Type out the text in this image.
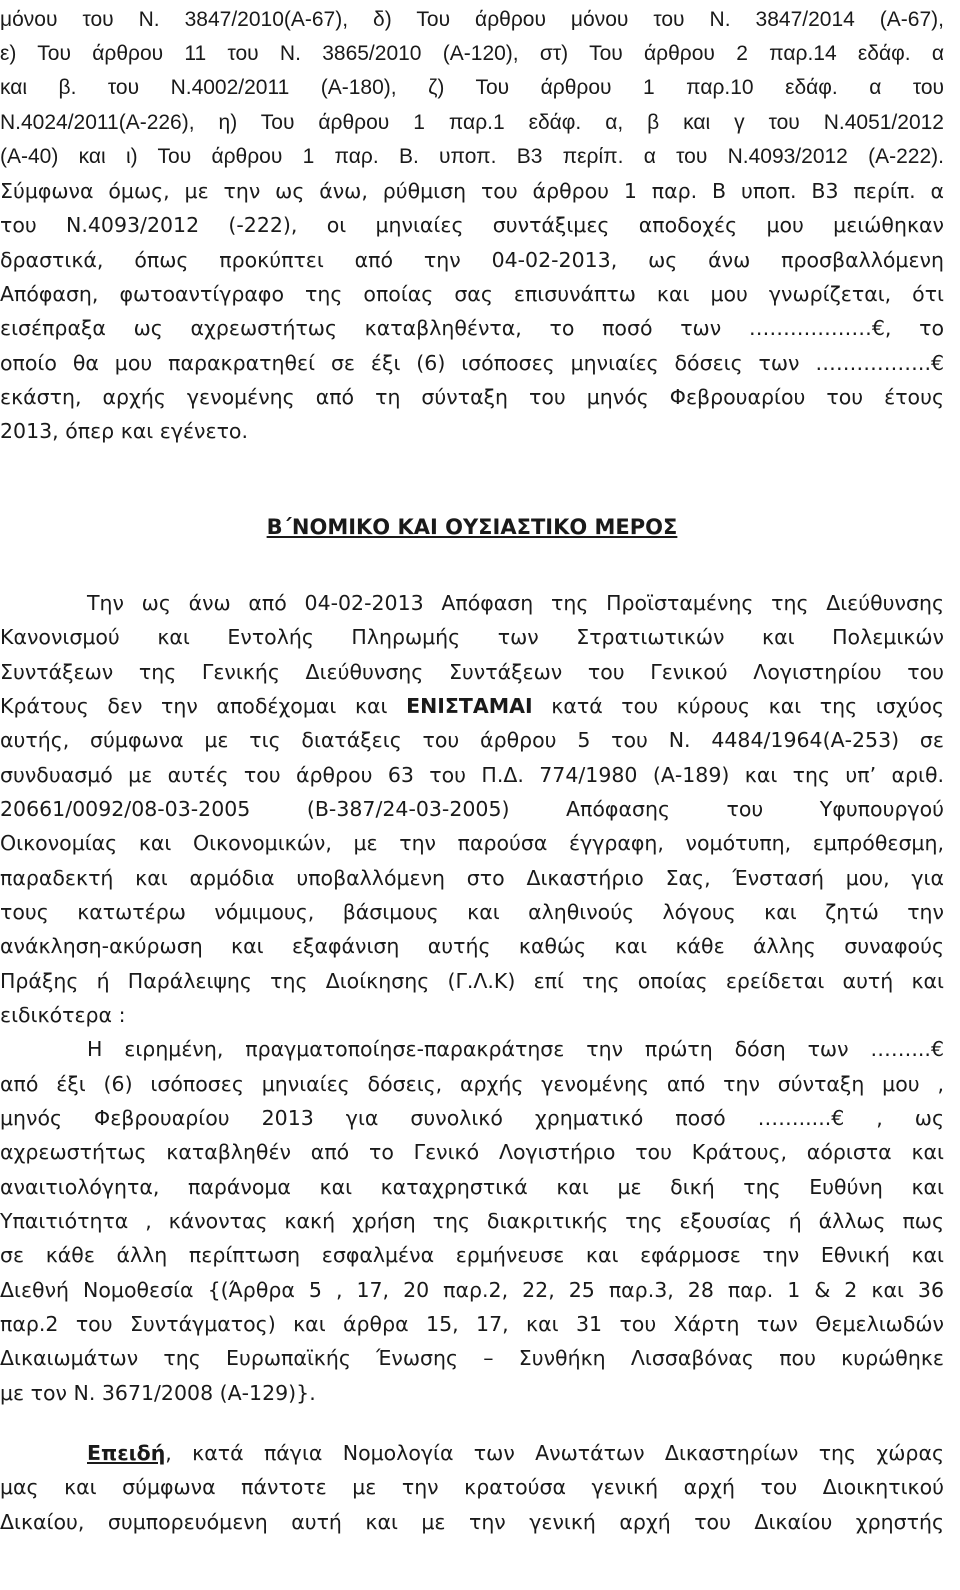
μόνου του Ν. 3847/2010(Α-67), δ) Του άρθρου μόνου του Ν. 3847/2014 (Α-67),
ε) Του άρθρου 11 του Ν. 3865/2010 (Α-120), στ) Του άρθρου 2 παρ.14 εδάφ. α
και β. του Ν.4002/2011 (Α-180), ζ) Του άρθρου 1 παρ.10 εδάφ. α του
Ν.4024/2011(Α-226), η) Του άρθρου 1 παρ.1 εδάφ. α, β και γ του Ν.4051/2012
(Α-40) και ι) Του άρθρου 1 παρ. Β. υποπ. Β3 περίπ. α του Ν.4093/2012 (Α-222).
Σύμφωνα όμως, με την ως άνω, ρύθμιση του άρθρου 1 παρ. Β υποπ. Β3 περίπ. α
του Ν.4093/2012 (-222), οι μηνιαίες συντάξιμες αποδοχές μου μειώθηκαν
δραστικά, όπως προκύπτει από την 04-02-2013, ως άνω προσβαλλόμενη
Απόφαση, φωτοαντίγραφο της οποίας σας επισυνάπτω και μου γνωρίζεται, ότι
εισέπραξα ως αχρεωστήτως καταβληθέντα, το ποσό των ………………€, το
οποίο θα μου παρακρατηθεί σε έξι (6) ισόποσες μηνιαίες δόσεις των ……………..€
εκάστη, αρχής γενομένης από τη σύνταξη του μηνός Φεβρουαρίου του έτους
2013, όπερ και εγένετο.
Β΄ΝΟΜΙΚΟ ΚΑΙ ΟΥΣΙΑΣΤΙΚΟ ΜΕΡΟΣ
Την ως άνω από 04-02-2013 Απόφαση της Προϊσταμένης της Διεύθυνσης
Κανονισμού και Εντολής Πληρωμής των Στρατιωτικών και Πολεμικών
Συντάξεων της Γενικής Διεύθυνσης Συντάξεων του Γενικού Λογιστηρίου του
Κράτους δεν την αποδέχομαι και ΕΝΙΣΤΑΜΑΙ κατά του κύρους και της ισχύος
αυτής, σύμφωνα με τις διατάξεις του άρθρου 5 του Ν. 4484/1964(Α-253) σε
συνδυασμό με αυτές του άρθρου 63 του Π.Δ. 774/1980 (Α-189) και της υπ’ αριθ.
20661/0092/08-03-2005 (Β-387/24-03-2005) Απόφασης του Υφυπουργού
Οικονομίας και Οικονομικών, με την παρούσα έγγραφη, νομότυπη, εμπρόθεσμη,
παραδεκτή και αρμόδια υποβαλλόμενη στο Δικαστήριο Σας, Ένστασή μου, για
τους κατωτέρω νόμιμους, βάσιμους και αληθινούς λόγους και ζητώ την
ανάκληση-ακύρωση και εξαφάνιση αυτής καθώς και κάθε άλλης συναφούς
Πράξης ή Παράλειψης της Διοίκησης (Γ.Λ.Κ) επί της οποίας ερείδεται αυτή και
ειδικότερα :
Η ειρημένη, πραγματοποίησε-παρακράτησε την πρώτη δόση των ……...€
από έξι (6) ισόποσες μηνιαίες δόσεις, αρχής γενομένης από την σύνταξη μου ,
μηνός Φεβρουαρίου 2013 για συνολικό χρηματικό ποσό …….....€ , ως
αχρεωστήτως καταβληθέν από το Γενικό Λογιστήριο του Κράτους, αόριστα και
αναιτιολόγητα, παράνομα και καταχρηστικά και με δική της Ευθύνη και
Υπαιτιότητα , κάνοντας κακή χρήση της διακριτικής της εξουσίας ή άλλως πως
σε κάθε άλλη περίπτωση εσφαλμένα ερμήνευσε και εφάρμοσε την Εθνική και
Διεθνή Νομοθεσία {(Άρθρα 5 , 17, 20 παρ.2, 22, 25 παρ.3, 28 παρ. 1 & 2 και 36
παρ.2 του Συντάγματος) και άρθρα 15, 17, και 31 του Χάρτη των Θεμελιωδών
Δικαιωμάτων της Ευρωπαϊκής Ένωσης – Συνθήκη Λισσαβόνας που κυρώθηκε
με τον Ν. 3671/2008 (Α-129)}.
Επειδή, κατά πάγια Νομολογία των Ανωτάτων Δικαστηρίων της χώρας
μας και σύμφωνα πάντοτε με την κρατούσα γενική αρχή του Διοικητικού
Δικαίου, συμπορευόμενη αυτή και με την γενική αρχή του Δικαίου χρηστής
